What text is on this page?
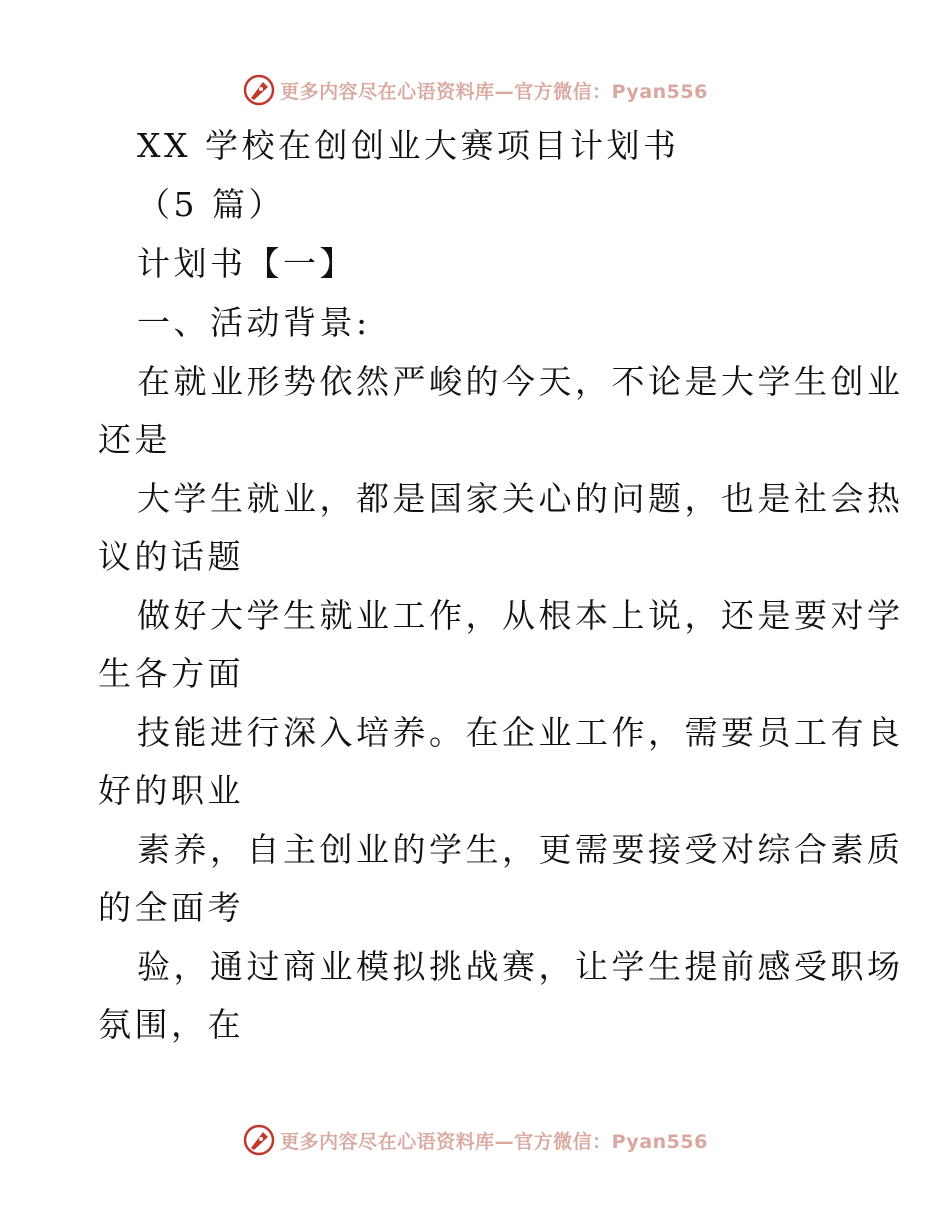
更多内容尽在心语资料库—官方微信：Pyan556
XX 学校在创创业大赛项目计划书
（5 篇）
计划书【一】
一、活动背景:
在就业形势依然严峻的今天，不论是大学生创业
还是
大学生就业，都是国家关心的问题，也是社会热
议的话题
做好大学生就业工作，从根本上说，还是要对学
生各方面
技能进行深入培养。在企业工作，需要员工有良
好的职业
素养，自主创业的学生，更需要接受对综合素质
的全面考
验，通过商业模拟挑战赛，让学生提前感受职场
氛围，在
更多内容尽在心语资料库—官方微信：Pyan556
